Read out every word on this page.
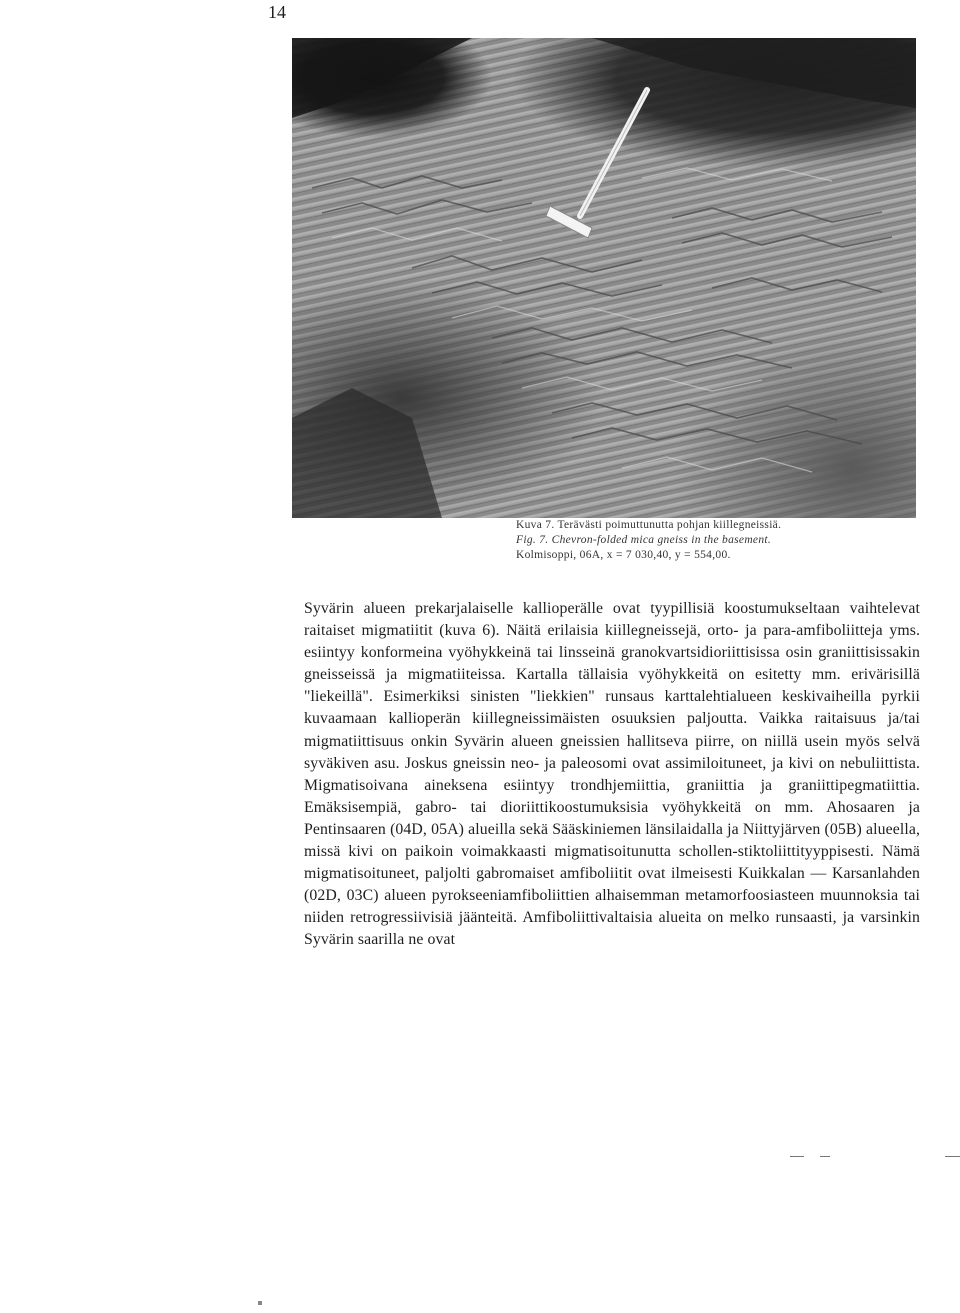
14
Kuva 7. Terävästi poimuttunutta pohjan kiillegneissiä.
Fig. 7. Chevron-folded mica gneiss in the basement.
Kolmisoppi, 06A, x = 7 030,40, y = 554,00.

Syvärin alueen prekarjalaiselle kallioperälle ovat tyypillisiä koostumukseltaan vaihtelevat raitaiset migmatiitit (kuva 6). Näitä erilaisia kiillegneissejä, orto- ja para-amfiboliitteja yms. esiintyy konformeina vyöhykkeinä tai linsseinä granokvartsidioriittisissa osin graniittisissakin gneisseissä ja migmatiiteissa. Kartalla tällaisia vyöhykkeitä on esitetty mm. erivärisillä "liekeillä". Esimerkiksi sinisten "liekkien" runsaus karttalehtialueen keskivaiheilla pyrkii kuvaamaan kallioperän kiillegneissimäisten osuuksien paljoutta. Vaikka raitaisuus ja/tai migmatiittisuus onkin Syvärin alueen gneissien hallitseva piirre, on niillä usein myös selvä syväkiven asu. Joskus gneissin neo- ja paleosomi ovat assimiloituneet, ja kivi on nebuliittista. Migmatisoivana aineksena esiintyy trondhjemiittia, graniittia ja graniittipegmatiittia. Emäksisempiä, gabro- tai dioriittikoostumuksisia vyöhykkeitä on mm. Ahosaaren ja Pentinsaaren (04D, 05A) alueilla sekä Sääskiniemen länsilaidalla ja Niittyjärven (05B) alueella, missä kivi on paikoin voimakkaasti migmatisoitunutta schollen-stiktoliittityyppisesti. Nämä migmatisoituneet, paljolti gabromaiset amfiboliitit ovat ilmeisesti Kuikkalan — Karsanlahden (02D, 03C) alueen pyrokseeniamfiboliittien alhaisemman metamorfoosiasteen muunnoksia tai niiden retrogressiivisiä jäänteitä. Amfiboliittivaltaisia alueita on melko runsaasti, ja varsinkin Syvärin saarilla ne ovat
